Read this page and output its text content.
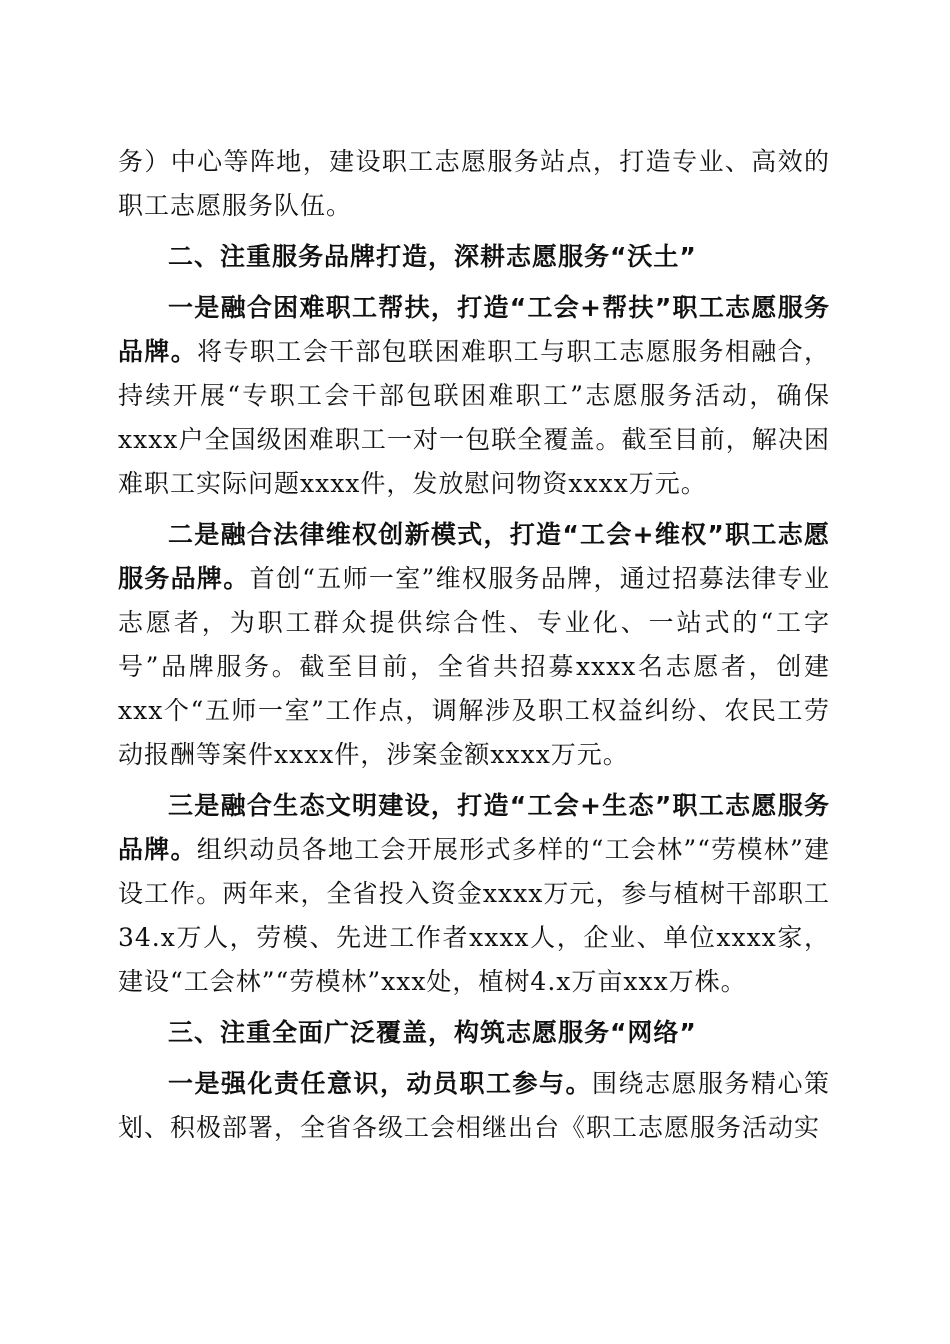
务）中心等阵地，建设职工志愿服务站点，打造专业、高效的职工志愿服务队伍。

二、注重服务品牌打造，深耕志愿服务“沃土”

一是融合困难职工帮扶，打造“工会+帮扶”职工志愿服务品牌。将专职工会干部包联困难职工与职工志愿服务相融合，持续开展“专职工会干部包联困难职工”志愿服务活动，确保xxxx户全国级困难职工一对一包联全覆盖。截至目前，解决困难职工实际问题xxxx件，发放慰问物资xxxx万元。

二是融合法律维权创新模式，打造“工会+维权”职工志愿服务品牌。首创“五师一室”维权服务品牌，通过招募法律专业志愿者，为职工群众提供综合性、专业化、一站式的“工字号”品牌服务。截至目前，全省共招募xxxx名志愿者，创建xxx个“五师一室”工作点，调解涉及职工权益纠纷、农民工劳动报酬等案件xxxx件，涉案金额xxxx万元。

三是融合生态文明建设，打造“工会+生态”职工志愿服务品牌。组织动员各地工会开展形式多样的“工会林”“劳模林”建设工作。两年来，全省投入资金xxxx万元，参与植树干部职工34.x万人，劳模、先进工作者xxxx人，企业、单位xxxx家，建设“工会林”“劳模林”xxx处，植树4.x万亩xxx万株。

三、注重全面广泛覆盖，构筑志愿服务“网络”

一是强化责任意识，动员职工参与。围绕志愿服务精心策划、积极部署，全省各级工会相继出台《职工志愿服务活动实
